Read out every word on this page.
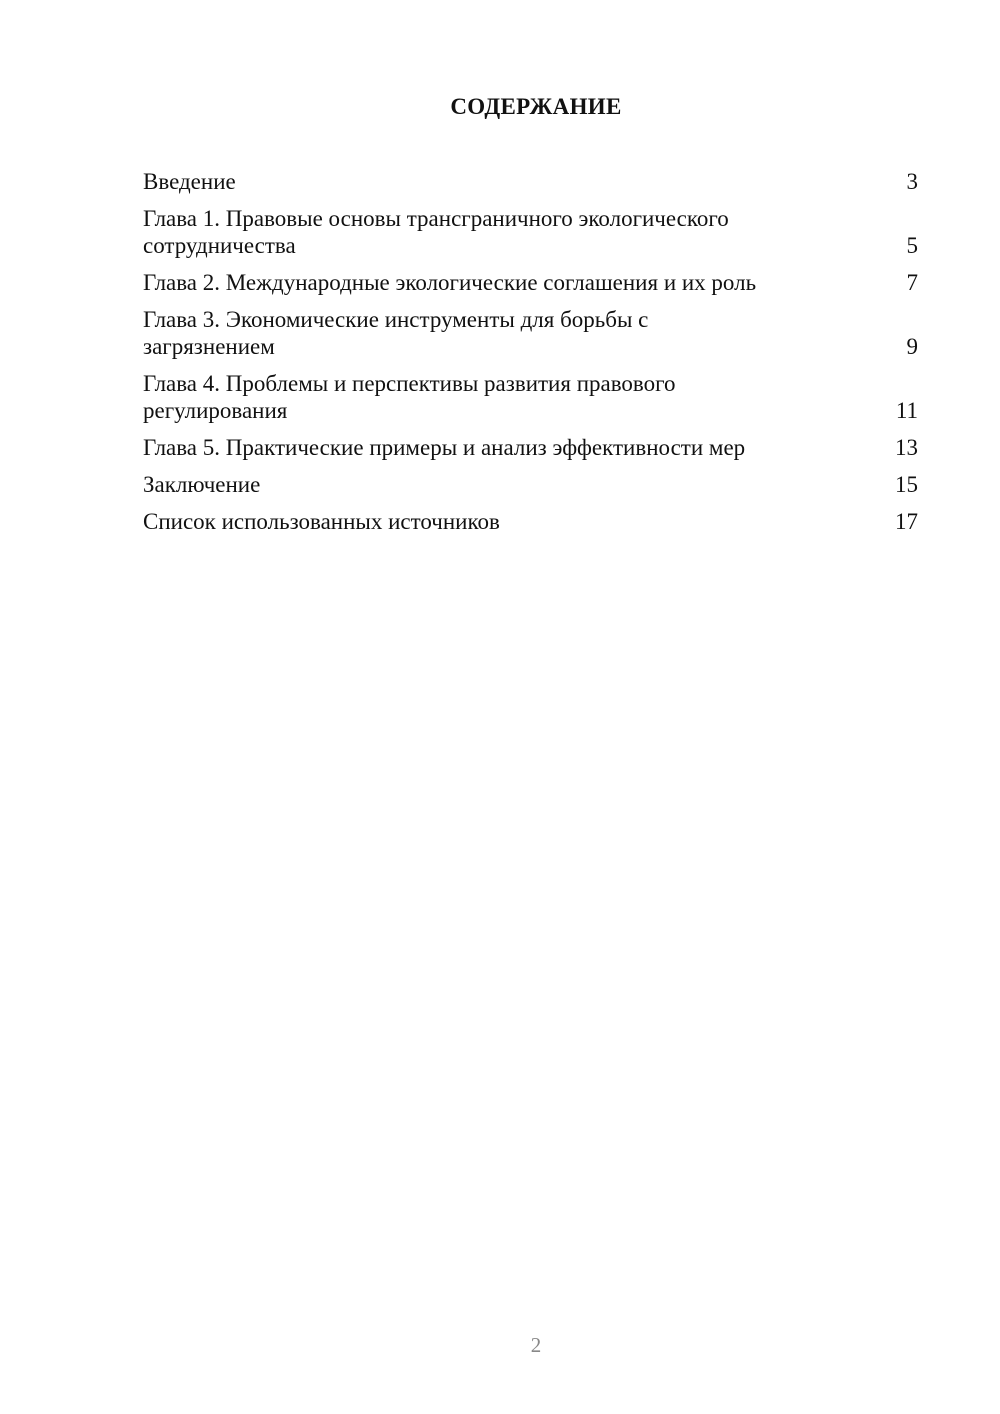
СОДЕРЖАНИЕ
Введение	3
Глава 1. Правовые основы трансграничного экологического сотрудничества	5
Глава 2. Международные экологические соглашения и их роль	7
Глава 3. Экономические инструменты для борьбы с загрязнением	9
Глава 4. Проблемы и перспективы развития правового регулирования	11
Глава 5. Практические примеры и анализ эффективности мер	13
Заключение	15
Список использованных источников	17
2
